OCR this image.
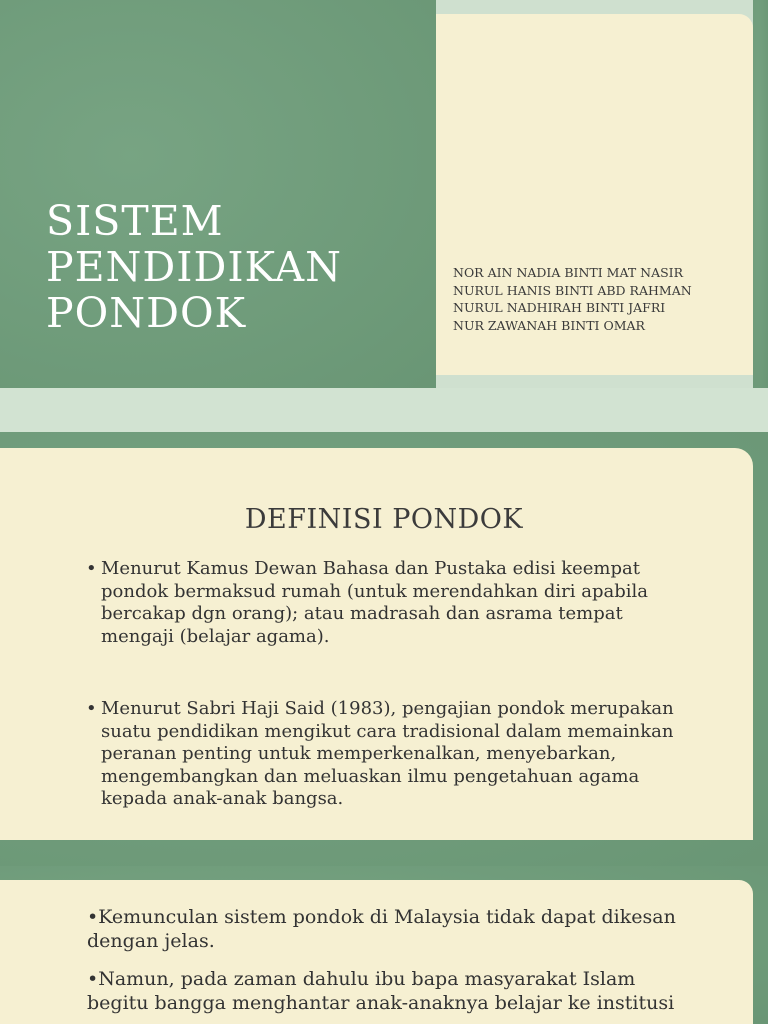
SISTEM
PENDIDIKAN
PONDOK
NOR AIN NADIA BINTI MAT NASIR
NURUL HANIS BINTI ABD RAHMAN
NURUL NADHIRAH BINTI JAFRI
NUR ZAWANAH BINTI OMAR
DEFINISI PONDOK
• Menurut Kamus Dewan Bahasa dan Pustaka edisi keempat pondok bermaksud rumah (untuk merendahkan diri apabila bercakap dgn orang); atau madrasah dan asrama tempat mengaji (belajar agama).
• Menurut Sabri Haji Said (1983), pengajian pondok merupakan suatu pendidikan mengikut cara tradisional dalam memainkan peranan penting untuk memperkenalkan, menyebarkan, mengembangkan dan meluaskan ilmu pengetahuan agama kepada anak-anak bangsa.
•Kemunculan sistem pondok di Malaysia tidak dapat dikesan dengan jelas.
•Namun, pada zaman dahulu ibu bapa masyarakat Islam begitu bangga menghantar anak-anaknya belajar ke institusi
